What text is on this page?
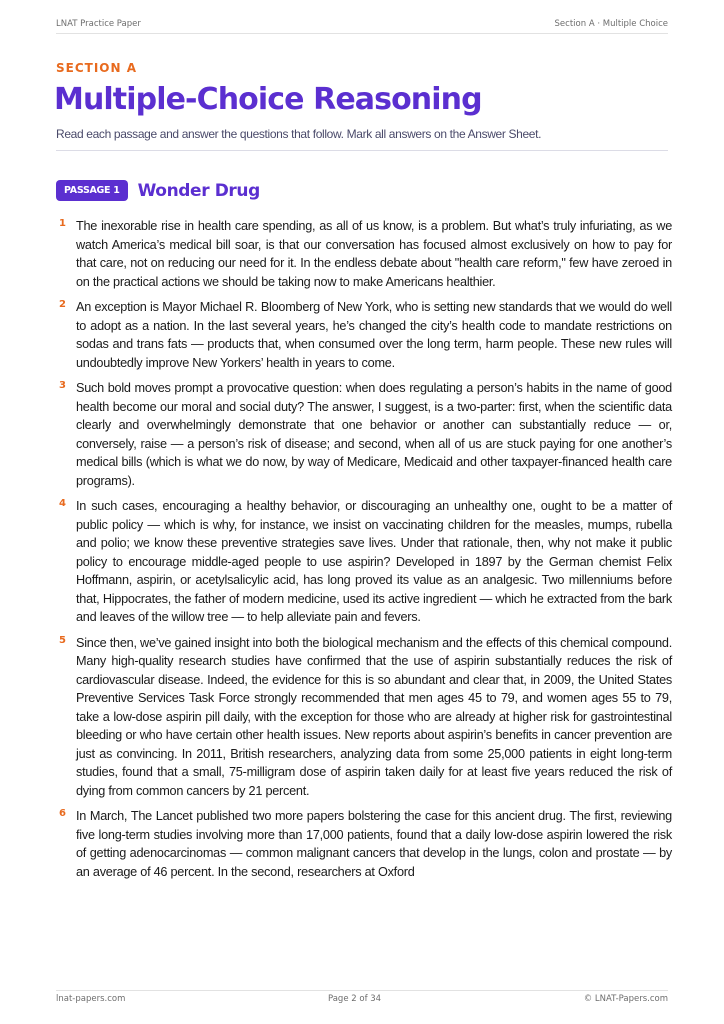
LNAT Practice Paper	Section A · Multiple Choice
SECTION A
Multiple-Choice Reasoning
Read each passage and answer the questions that follow. Mark all answers on the Answer Sheet.
PASSAGE 1	Wonder Drug
1 The inexorable rise in health care spending, as all of us know, is a problem. But what’s truly infuriating, as we watch America’s medical bill soar, is that our conversation has focused almost exclusively on how to pay for that care, not on reducing our need for it. In the endless debate about "health care reform," few have zeroed in on the practical actions we should be taking now to make Americans healthier.

2 An exception is Mayor Michael R. Bloomberg of New York, who is setting new standards that we would do well to adopt as a nation. In the last several years, he’s changed the city’s health code to mandate restrictions on sodas and trans fats — products that, when consumed over the long term, harm people. These new rules will undoubtedly improve New Yorkers’ health in years to come.

3 Such bold moves prompt a provocative question: when does regulating a person’s habits in the name of good health become our moral and social duty? The answer, I suggest, is a two-parter: first, when the scientific data clearly and overwhelmingly demonstrate that one behavior or another can substantially reduce — or, conversely, raise — a person’s risk of disease; and second, when all of us are stuck paying for one another’s medical bills (which is what we do now, by way of Medicare, Medicaid and other taxpayer-financed health care programs).

4 In such cases, encouraging a healthy behavior, or discouraging an unhealthy one, ought to be a matter of public policy — which is why, for instance, we insist on vaccinating children for the measles, mumps, rubella and polio; we know these preventive strategies save lives. Under that rationale, then, why not make it public policy to encourage middle-aged people to use aspirin? Developed in 1897 by the German chemist Felix Hoffmann, aspirin, or acetylsalicylic acid, has long proved its value as an analgesic. Two millenniums before that, Hippocrates, the father of modern medicine, used its active ingredient — which he extracted from the bark and leaves of the willow tree — to help alleviate pain and fevers.

5 Since then, we’ve gained insight into both the biological mechanism and the effects of this chemical compound. Many high-quality research studies have confirmed that the use of aspirin substantially reduces the risk of cardiovascular disease. Indeed, the evidence for this is so abundant and clear that, in 2009, the United States Preventive Services Task Force strongly recommended that men ages 45 to 79, and women ages 55 to 79, take a low-dose aspirin pill daily, with the exception for those who are already at higher risk for gastrointestinal bleeding or who have certain other health issues. New reports about aspirin’s benefits in cancer prevention are just as convincing. In 2011, British researchers, analyzing data from some 25,000 patients in eight long-term studies, found that a small, 75-milligram dose of aspirin taken daily for at least five years reduced the risk of dying from common cancers by 21 percent.

6 In March, The Lancet published two more papers bolstering the case for this ancient drug. The first, reviewing five long-term studies involving more than 17,000 patients, found that a daily low-dose aspirin lowered the risk of getting adenocarcinomas — common malignant cancers that develop in the lungs, colon and prostate — by an average of 46 percent. In the second, researchers at Oxford

lnat-papers.com	Page 2 of 34	© LNAT-Papers.com
